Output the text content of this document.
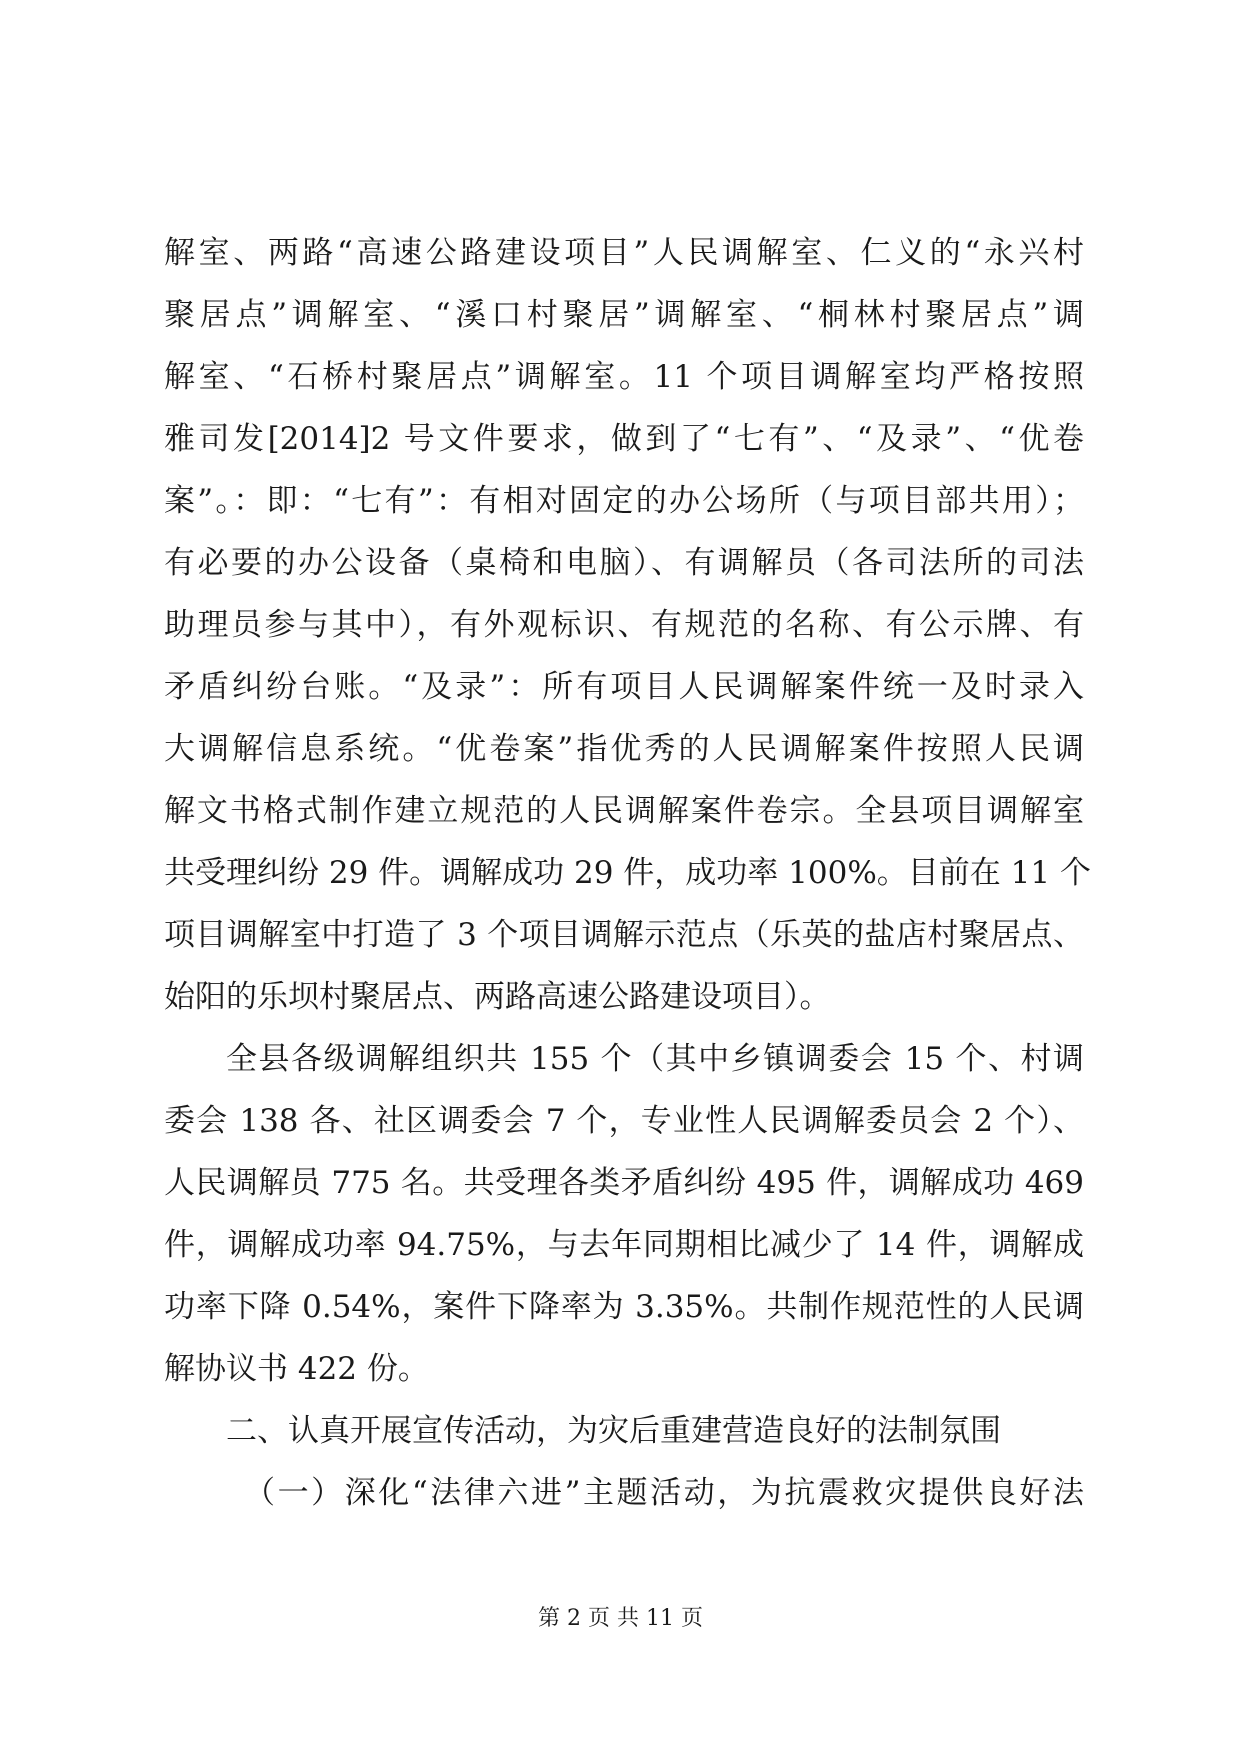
解室、两路“高速公路建设项目”人民调解室、仁义的“永兴村
聚居点”调解室、“溪口村聚居”调解室、“桐林村聚居点”调
解室、“石桥村聚居点”调解室。11 个项目调解室均严格按照
雅司发[2014]2 号文件要求，做到了“七有”、“及录”、“优卷
案”。：即：“七有”：有相对固定的办公场所（与项目部共用）；
有必要的办公设备（桌椅和电脑）、有调解员（各司法所的司法
助理员参与其中），有外观标识、有规范的名称、有公示牌、有
矛盾纠纷台账。“及录”：所有项目人民调解案件统一及时录入
大调解信息系统。“优卷案”指优秀的人民调解案件按照人民调
解文书格式制作建立规范的人民调解案件卷宗。全县项目调解室
共受理纠纷 29 件。调解成功 29 件，成功率 100%。目前在 11 个
项目调解室中打造了 3 个项目调解示范点（乐英的盐店村聚居点、
始阳的乐坝村聚居点、两路高速公路建设项目）。
全县各级调解组织共 155 个（其中乡镇调委会 15 个、村调
委会 138 各、社区调委会 7 个，专业性人民调解委员会 2 个）、
人民调解员 775 名。共受理各类矛盾纠纷 495 件，调解成功 469
件，调解成功率 94.75%，与去年同期相比减少了 14 件，调解成
功率下降 0.54%，案件下降率为 3.35%。共制作规范性的人民调
解协议书 422 份。
二、认真开展宣传活动，为灾后重建营造良好的法制氛围
（一）深化“法律六进”主题活动，为抗震救灾提供良好法
第 2 页 共 11 页
